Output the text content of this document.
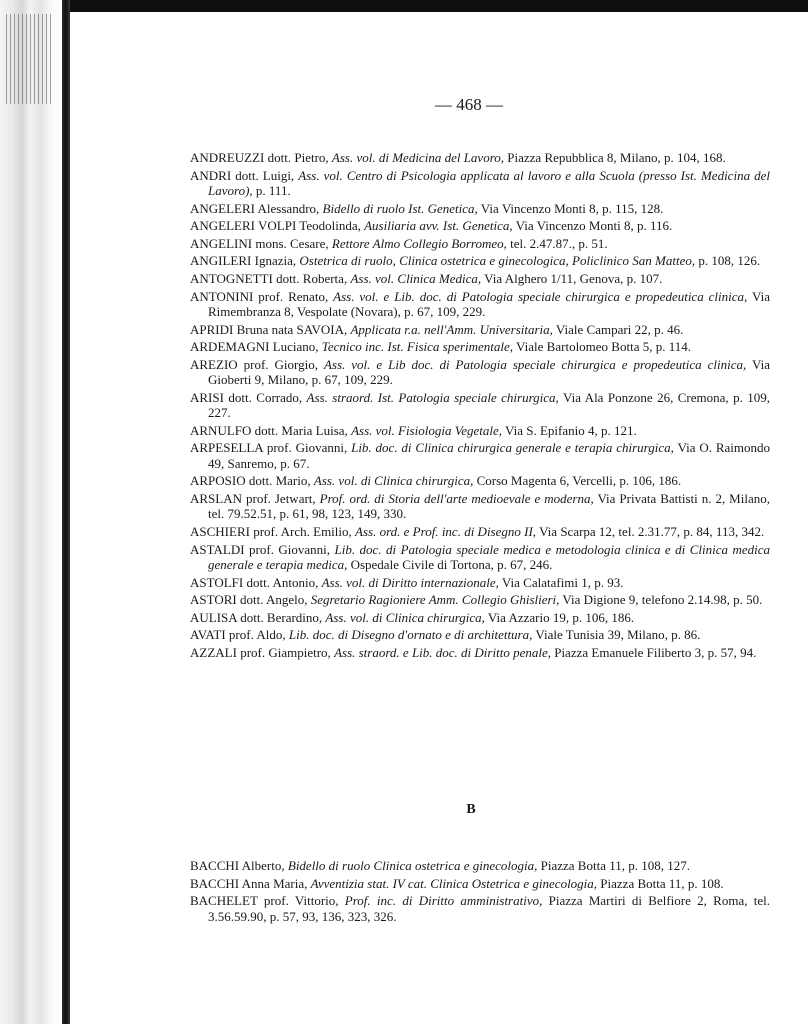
— 468 —

ANDREUZZI dott. Pietro, Ass. vol. di Medicina del Lavoro, Piazza Repubblica 8, Milano, p. 104, 168.

ANDRI dott. Luigi, Ass. vol. Centro di Psicologia applicata al lavoro e alla Scuola (presso Ist. Medicina del Lavoro), p. 111.

ANGELERI Alessandro, Bidello di ruolo Ist. Genetica, Via Vincenzo Monti 8, p. 115, 128.

ANGELERI VOLPI Teodolinda, Ausiliaria avv. Ist. Genetica, Via Vincenzo Monti 8, p. 116.

ANGELINI mons. Cesare, Rettore Almo Collegio Borromeo, tel. 2.47.87., p. 51.

ANGILERI Ignazia, Ostetrica di ruolo, Clinica ostetrica e ginecologica, Policlinico San Matteo, p. 108, 126.

ANTOGNETTI dott. Roberta, Ass. vol. Clinica Medica, Via Alghero 1/11, Genova, p. 107.

ANTONINI prof. Renato, Ass. vol. e Lib. doc. di Patologia speciale chirurgica e propedeutica clinica, Via Rimembranza 8, Vespolate (Novara), p. 67, 109, 229.

APRIDI Bruna nata SAVOIA, Applicata r.a. nell'Amm. Universitaria, Viale Campari 22, p. 46.

ARDEMAGNI Luciano, Tecnico inc. Ist. Fisica sperimentale, Viale Bartolomeo Botta 5, p. 114.

AREZIO prof. Giorgio, Ass. vol. e Lib doc. di Patologia speciale chirurgica e propedeutica clinica, Via Gioberti 9, Milano, p. 67, 109, 229.

ARISI dott. Corrado, Ass. straord. Ist. Patologia speciale chirurgica, Via Ala Ponzone 26, Cremona, p. 109, 227.

ARNULFO dott. Maria Luisa, Ass. vol. Fisiologia Vegetale, Via S. Epifanio 4, p. 121.

ARPESELLA prof. Giovanni, Lib. doc. di Clinica chirurgica generale e terapia chirurgica, Via O. Raimondo 49, Sanremo, p. 67.

ARPOSIO dott. Mario, Ass. vol. di Clinica chirurgica, Corso Magenta 6, Vercelli, p. 106, 186.

ARSLAN prof. Jetwart, Prof. ord. di Storia dell'arte medioevale e moderna, Via Privata Battisti n. 2, Milano, tel. 79.52.51, p. 61, 98, 123, 149, 330.

ASCHIERI prof. Arch. Emilio, Ass. ord. e Prof. inc. di Disegno II, Via Scarpa 12, tel. 2.31.77, p. 84, 113, 342.

ASTALDI prof. Giovanni, Lib. doc. di Patologia speciale medica e metodologia clinica e di Clinica medica generale e terapia medica, Ospedale Civile di Tortona, p. 67, 246.

ASTOLFI dott. Antonio, Ass. vol. di Diritto internazionale, Via Calatafimi 1, p. 93.

ASTORI dott. Angelo, Segretario Ragioniere Amm. Collegio Ghislieri, Via Digione 9, telefono 2.14.98, p. 50.

AULISA dott. Berardino, Ass. vol. di Clinica chirurgica, Via Azzario 19, p. 106, 186.

AVATI prof. Aldo, Lib. doc. di Disegno d'ornato e di architettura, Viale Tunisia 39, Milano, p. 86.

AZZALI prof. Giampietro, Ass. straord. e Lib. doc. di Diritto penale, Piazza Emanuele Filiberto 3, p. 57, 94.

B

BACCHI Alberto, Bidello di ruolo Clinica ostetrica e ginecologia, Piazza Botta 11, p. 108, 127.

BACCHI Anna Maria, Avventizia stat. IV cat. Clinica Ostetrica e ginecologia, Piazza Botta 11, p. 108.

BACHELET prof. Vittorio, Prof. inc. di Diritto amministrativo, Piazza Martiri di Belfiore 2, Roma, tel. 3.56.59.90, p. 57, 93, 136, 323, 326.
